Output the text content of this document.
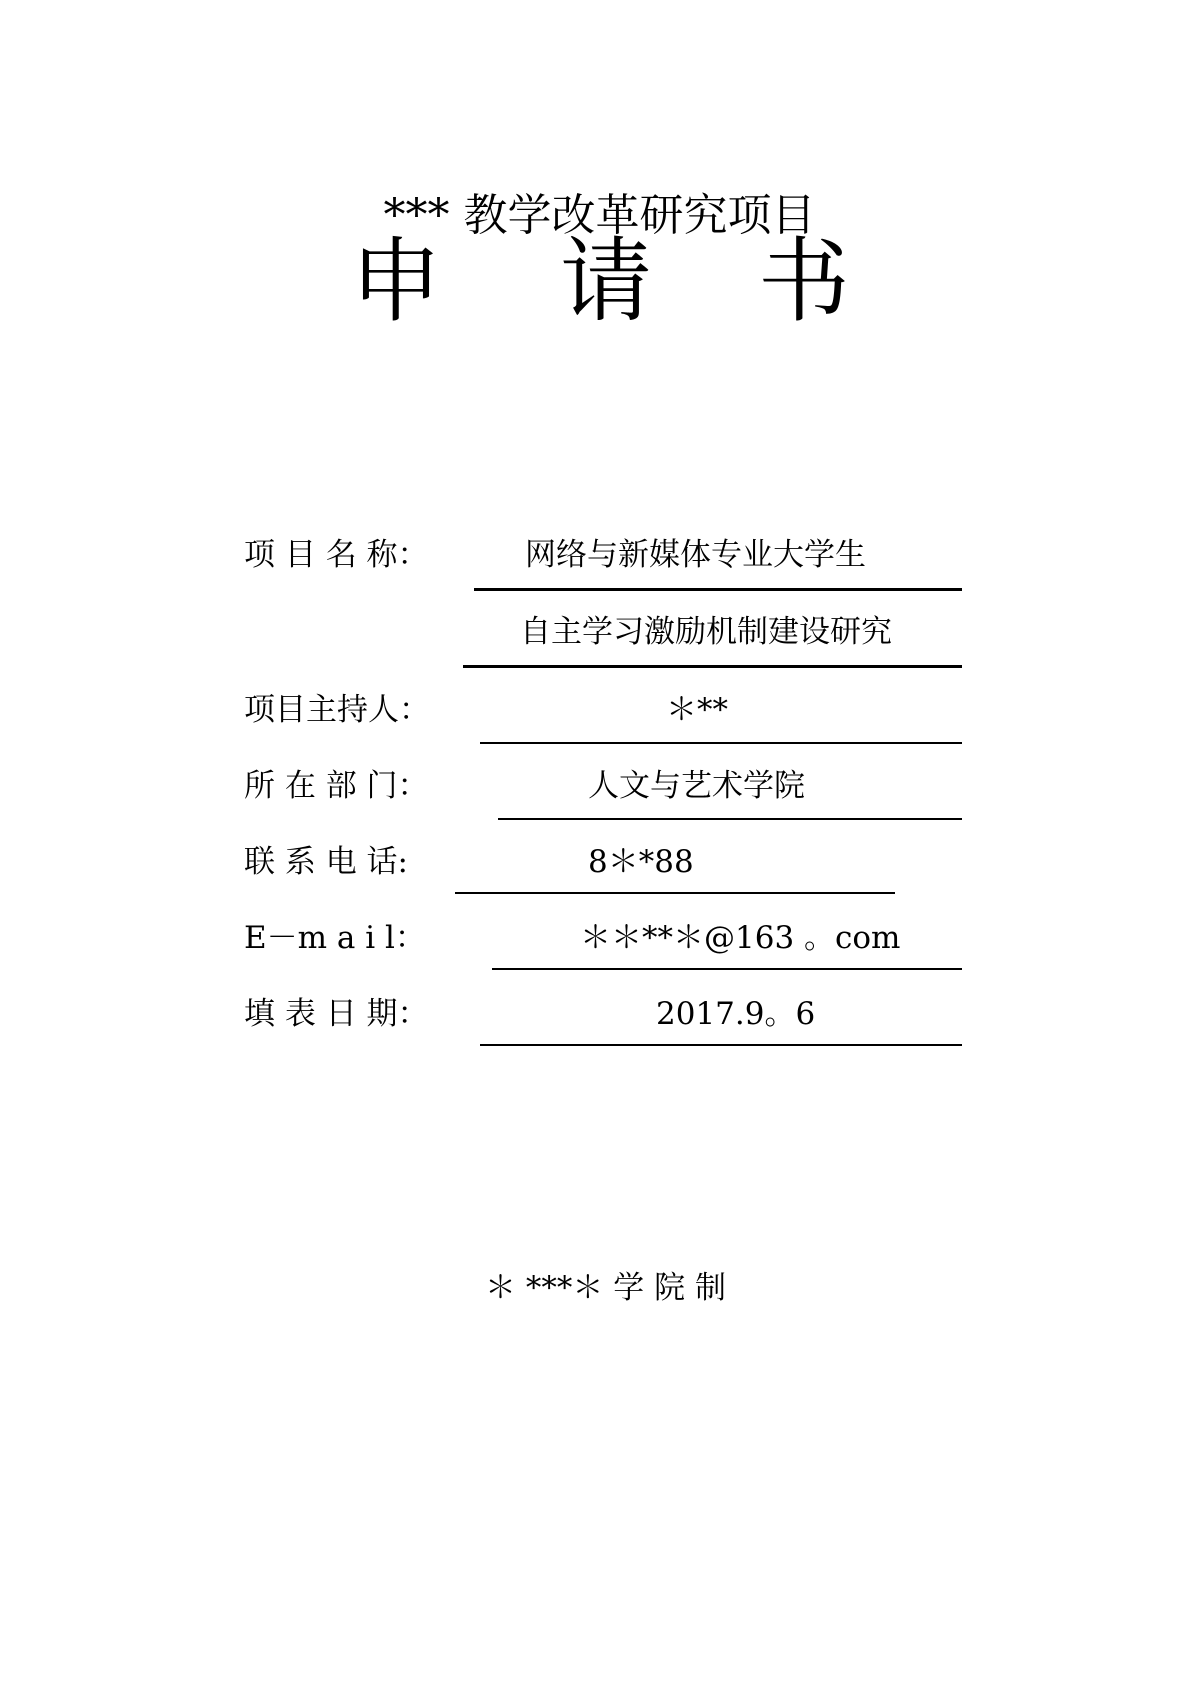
*** 教学改革研究项目
申 请 书
项 目 名 称：	网络与新媒体专业大学生
自主学习激励机制建设研究
项目主持人：	＊**
所 在 部 门：	人文与艺术学院
联 系 电 话:	8＊*88
E－m a i l：	＊＊**＊@163 。com
填 表 日 期：	2017.9。6
＊ ***＊ 学 院 制
